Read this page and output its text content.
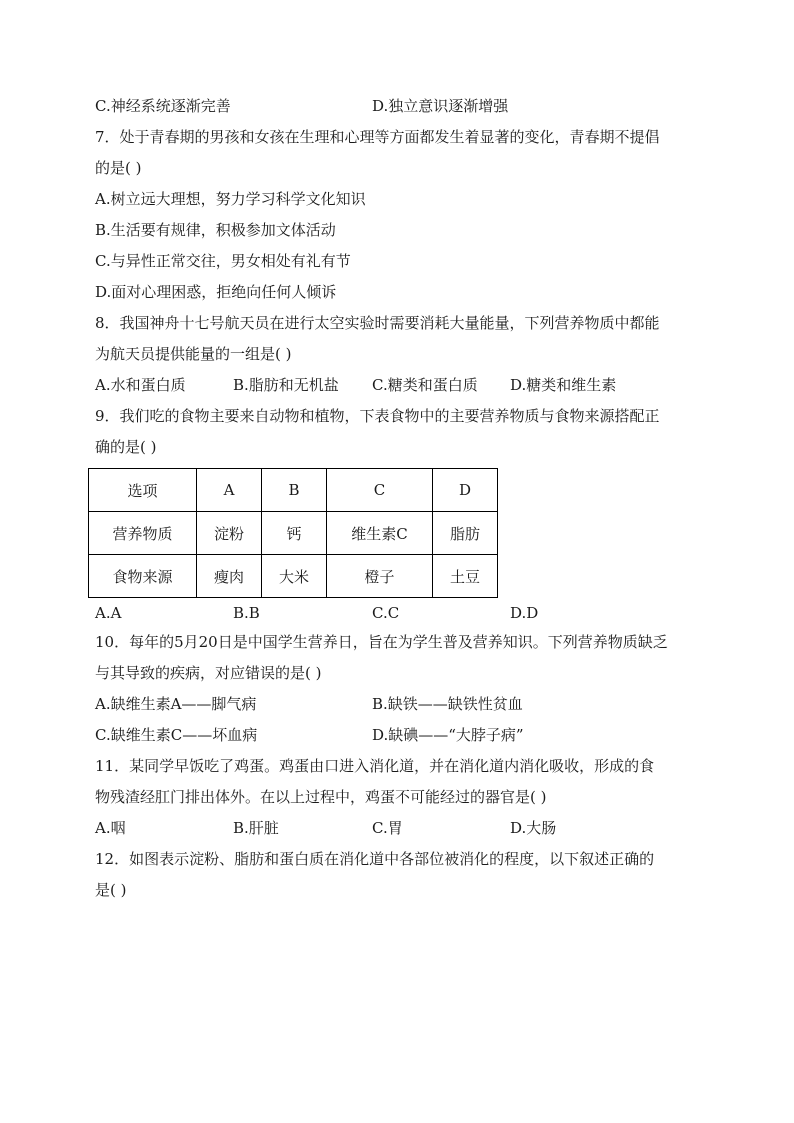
C.神经系统逐渐完善	D.独立意识逐渐增强
7．处于青春期的男孩和女孩在生理和心理等方面都发生着显著的变化，青春期不提倡
的是( )
A.树立远大理想，努力学习科学文化知识
B.生活要有规律，积极参加文体活动
C.与异性正常交往，男女相处有礼有节
D.面对心理困惑，拒绝向任何人倾诉
8．我国神舟十七号航天员在进行太空实验时需要消耗大量能量，下列营养物质中都能
为航天员提供能量的一组是( )
A.水和蛋白质	B.脂肪和无机盐 C.糖类和蛋白质 D.糖类和维生素
9．我们吃的食物主要来自动物和植物，下表食物中的主要营养物质与食物来源搭配正
确的是( )
选项	A	B	C	D
营养物质	淀粉	钙	维生素C	脂肪
食物来源	瘦肉	大米	橙子	土豆
A.A	B.B	C.C	D.D
10．每年的5月20日是中国学生营养日，旨在为学生普及营养知识。下列营养物质缺乏
与其导致的疾病，对应错误的是( )
A.缺维生素A——脚气病	B.缺铁——缺铁性贫血
C.缺维生素C——坏血病	D.缺碘——“大脖子病”
11．某同学早饭吃了鸡蛋。鸡蛋由口进入消化道，并在消化道内消化吸收，形成的食
物残渣经肛门排出体外。在以上过程中，鸡蛋不可能经过的器官是( )
A.咽	B.肝脏	C.胃	D.大肠
12．如图表示淀粉、脂肪和蛋白质在消化道中各部位被消化的程度，以下叙述正确的
是( )
